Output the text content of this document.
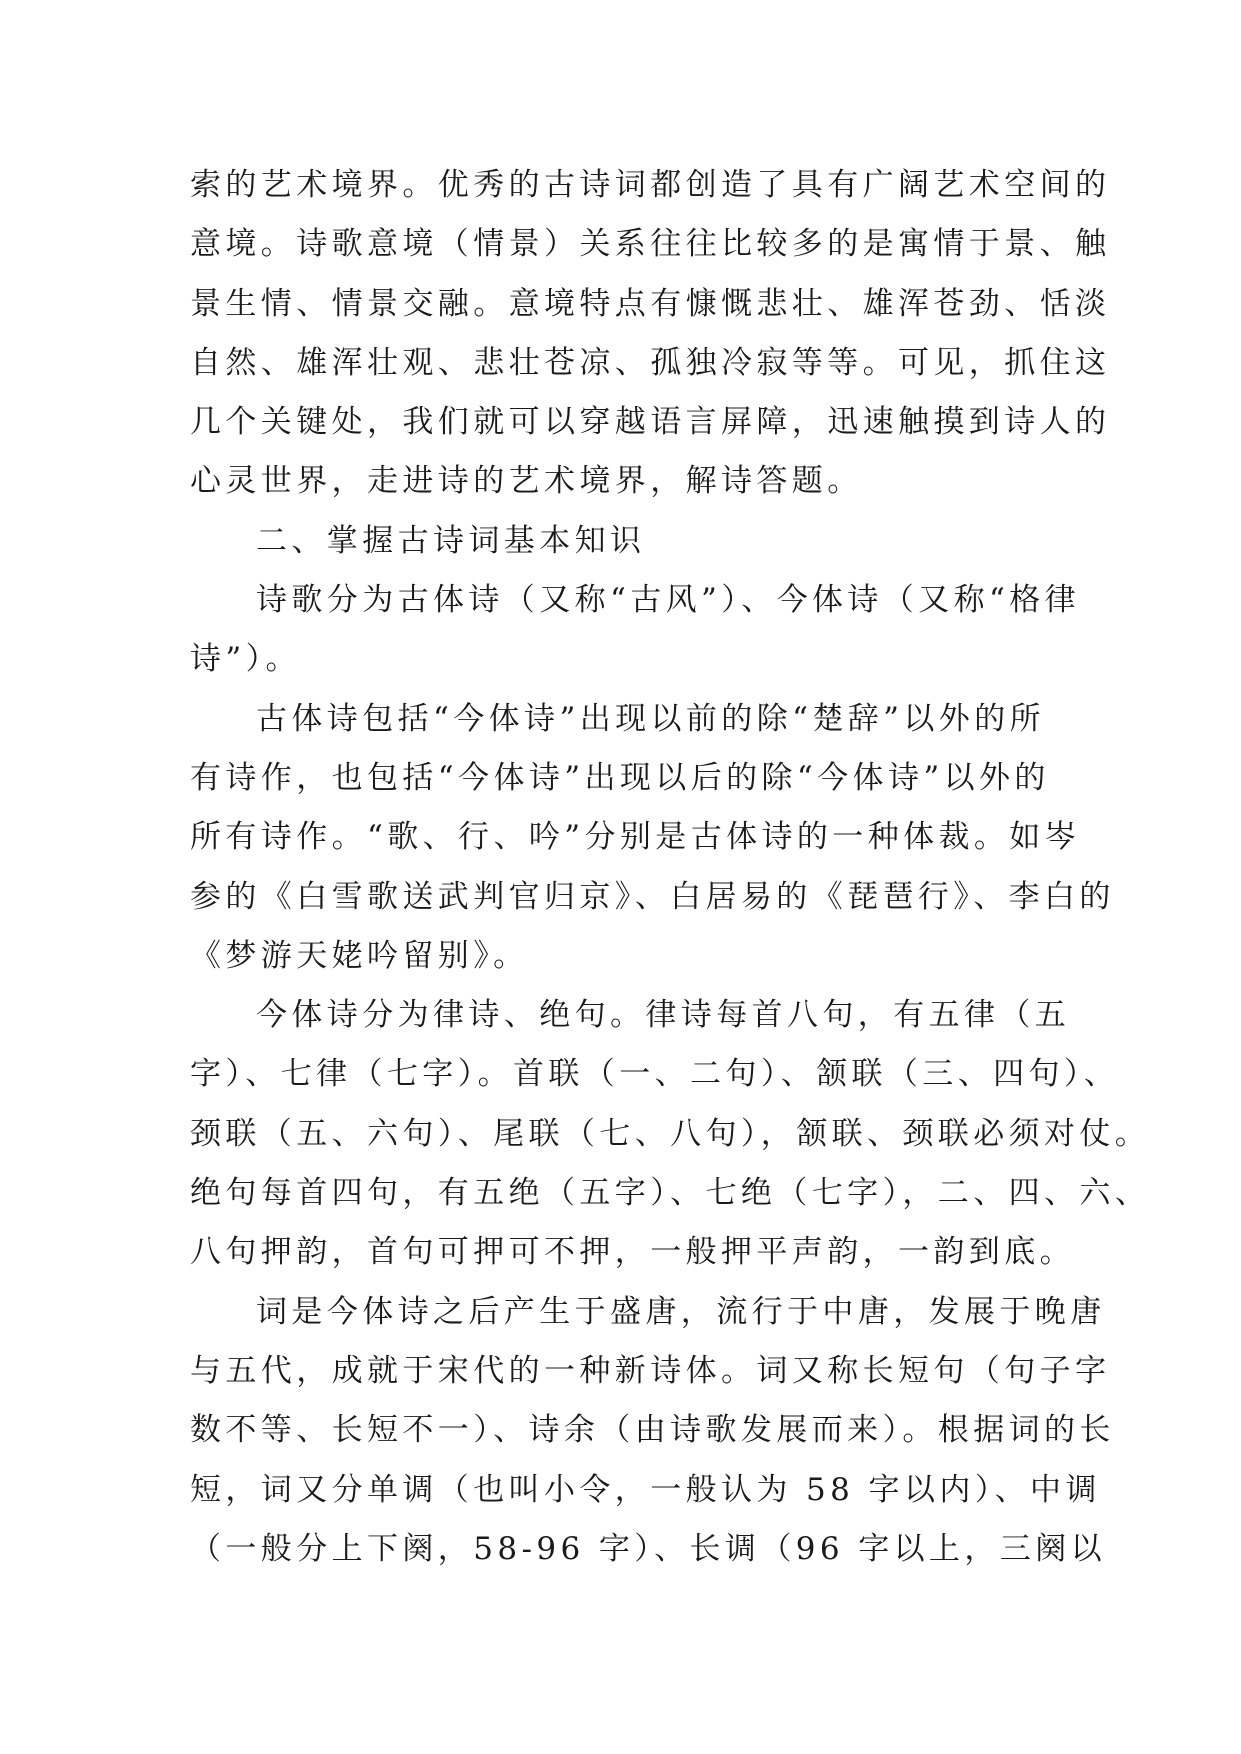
索的艺术境界。优秀的古诗词都创造了具有广阔艺术空间的
意境。诗歌意境（情景）关系往往比较多的是寓情于景、触
景生情、情景交融。意境特点有慷慨悲壮、雄浑苍劲、恬淡
自然、雄浑壮观、悲壮苍凉、孤独冷寂等等。可见，抓住这
几个关键处，我们就可以穿越语言屏障，迅速触摸到诗人的
心灵世界，走进诗的艺术境界，解诗答题。
二、掌握古诗词基本知识
诗歌分为古体诗（又称“古风”）、今体诗（又称“格律
诗”）。
古体诗包括“今体诗”出现以前的除“楚辞”以外的所
有诗作，也包括“今体诗”出现以后的除“今体诗”以外的
所有诗作。“歌、行、吟”分别是古体诗的一种体裁。如岑
参的《白雪歌送武判官归京》、白居易的《琵琶行》、李白的
《梦游天姥吟留别》。
今体诗分为律诗、绝句。律诗每首八句，有五律（五
字）、七律（七字）。首联（一、二句）、颔联（三、四句）、
颈联（五、六句）、尾联（七、八句），颔联、颈联必须对仗。
绝句每首四句，有五绝（五字）、七绝（七字），二、四、六、
八句押韵，首句可押可不押，一般押平声韵，一韵到底。
词是今体诗之后产生于盛唐，流行于中唐，发展于晚唐
与五代，成就于宋代的一种新诗体。词又称长短句（句子字
数不等、长短不一）、诗余（由诗歌发展而来）。根据词的长
短，词又分单调（也叫小令，一般认为 58 字以内）、中调
（一般分上下阕，58-96 字）、长调（96 字以上，三阕以
